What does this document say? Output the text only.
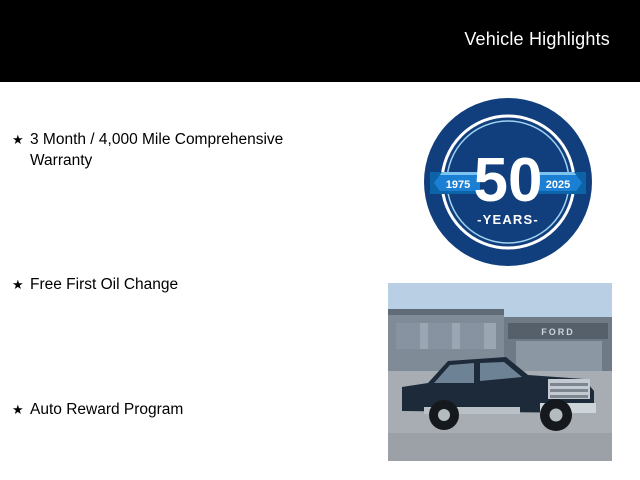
Vehicle Highlights
★ 3 Month / 4,000 Mile Comprehensive Warranty
★ Free First Oil Change
★ Auto Reward Program
50
-YEARS-
1975	2025
FORD
